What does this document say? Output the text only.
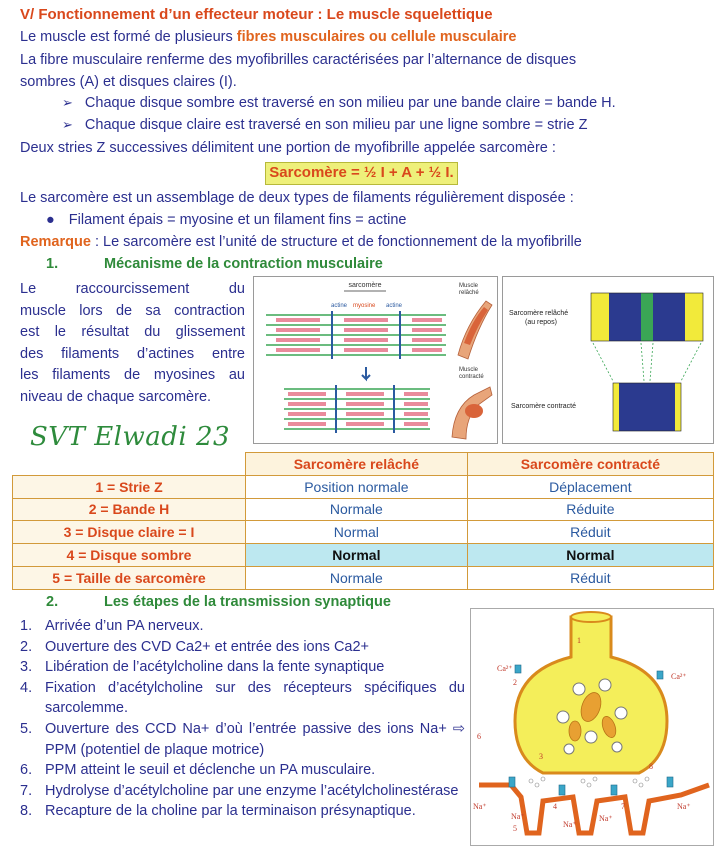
V/ Fonctionnement d’un effecteur moteur : Le muscle squelettique
Le muscle est formé de plusieurs fibres musculaires ou cellule musculaire
La fibre musculaire renferme des myofibrilles caractérisées par l’alternance de disques
sombres (A) et disques claires (I).
➢ Chaque disque sombre est traversé en son milieu par une bande claire = bande H.
➢ Chaque disque claire est traversé en son milieu par une ligne sombre = strie Z
Deux stries Z successives délimitent une portion de myofibrille appelée sarcomère :
Sarcomère = ½ I + A + ½ I.
Le sarcomère est un assemblage de deux types de filaments régulièrement disposée :
● Filament épais = myosine et un filament fins = actine
Remarque : Le sarcomère est l’unité de structure et de fonctionnement de la myofibrille
1.	Mécanisme de la contraction musculaire
Le raccourcissement du
muscle lors de sa contraction
est le résultat du glissement
des filaments d’actines entre
les filaments de myosines au
niveau de chaque sarcomère.
sarcomère
actine myosine actine
Muscle
relâché
Muscle
contracté
Sarcomère relâché
(au repos)
Sarcomère contracté
SVT Elwadi 23
	Sarcomère relâché	Sarcomère contracté
1 = Strie Z	Position normale	Déplacement
2 = Bande H	Normale	Réduite
3 = Disque claire = I	Normal	Réduit
4 = Disque sombre	Normal	Normal
5 = Taille de sarcomère	Normale	Réduit
2.	Les étapes de la transmission synaptique
1. Arrivée d’un PA nerveux.
2. Ouverture des CVD Ca2+ et entrée des ions Ca2+
3. Libération de l’acétylcholine dans la fente synaptique
4. Fixation d’acétylcholine sur des récepteurs spécifiques du sarcolemme.
5. Ouverture des CCD Na+ d’où l’entrée passive des ions Na+ ⇨ PPM (potentiel de plaque motrice)
6. PPM atteint le seuil et déclenche un PA musculaire.
7. Hydrolyse d’acétylcholine par une enzyme l’acétylcholinestérase
8. Recapture de la choline par la terminaison présynaptique.
1
Ca²⁺
2
Ca²⁺
3
8
4	7
6
Na⁺
Na⁺
5	Na⁺
Na⁺
Na⁺
